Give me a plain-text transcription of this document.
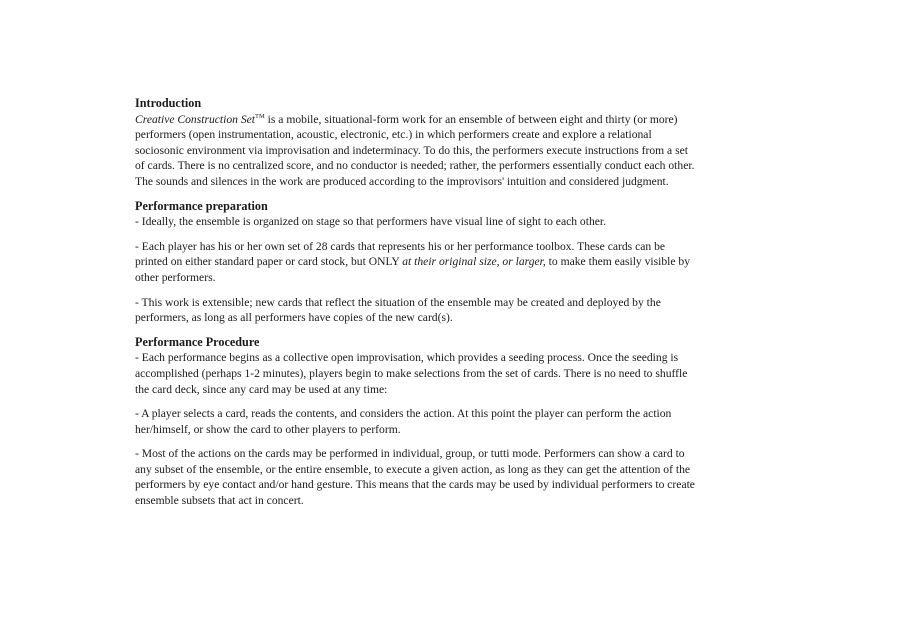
Introduction

Creative Construction Set™ is a mobile, situational-form work for an ensemble of between eight and thirty (or more) performers (open instrumentation, acoustic, electronic, etc.) in which performers create and explore a relational sociosonic environment via improvisation and indeterminacy. To do this, the performers execute instructions from a set of cards. There is no centralized score, and no conductor is needed; rather, the performers essentially conduct each other. The sounds and silences in the work are produced according to the improvisors' intuition and considered judgment.

Performance preparation

- Ideally, the ensemble is organized on stage so that performers have visual line of sight to each other.

- Each player has his or her own set of 28 cards that represents his or her performance toolbox. These cards can be printed on either standard paper or card stock, but ONLY at their original size, or larger, to make them easily visible by other performers.

- This work is extensible; new cards that reflect the situation of the ensemble may be created and deployed by the performers, as long as all performers have copies of the new card(s).

Performance Procedure

- Each performance begins as a collective open improvisation, which provides a seeding process. Once the seeding is accomplished (perhaps 1-2 minutes), players begin to make selections from the set of cards. There is no need to shuffle the card deck, since any card may be used at any time:

- A player selects a card, reads the contents, and considers the action. At this point the player can perform the action her/himself, or show the card to other players to perform.

- Most of the actions on the cards may be performed in individual, group, or tutti mode. Performers can show a card to any subset of the ensemble, or the entire ensemble, to execute a given action, as long as they can get the attention of the performers by eye contact and/or hand gesture. This means that the cards may be used by individual performers to create ensemble subsets that act in concert.
